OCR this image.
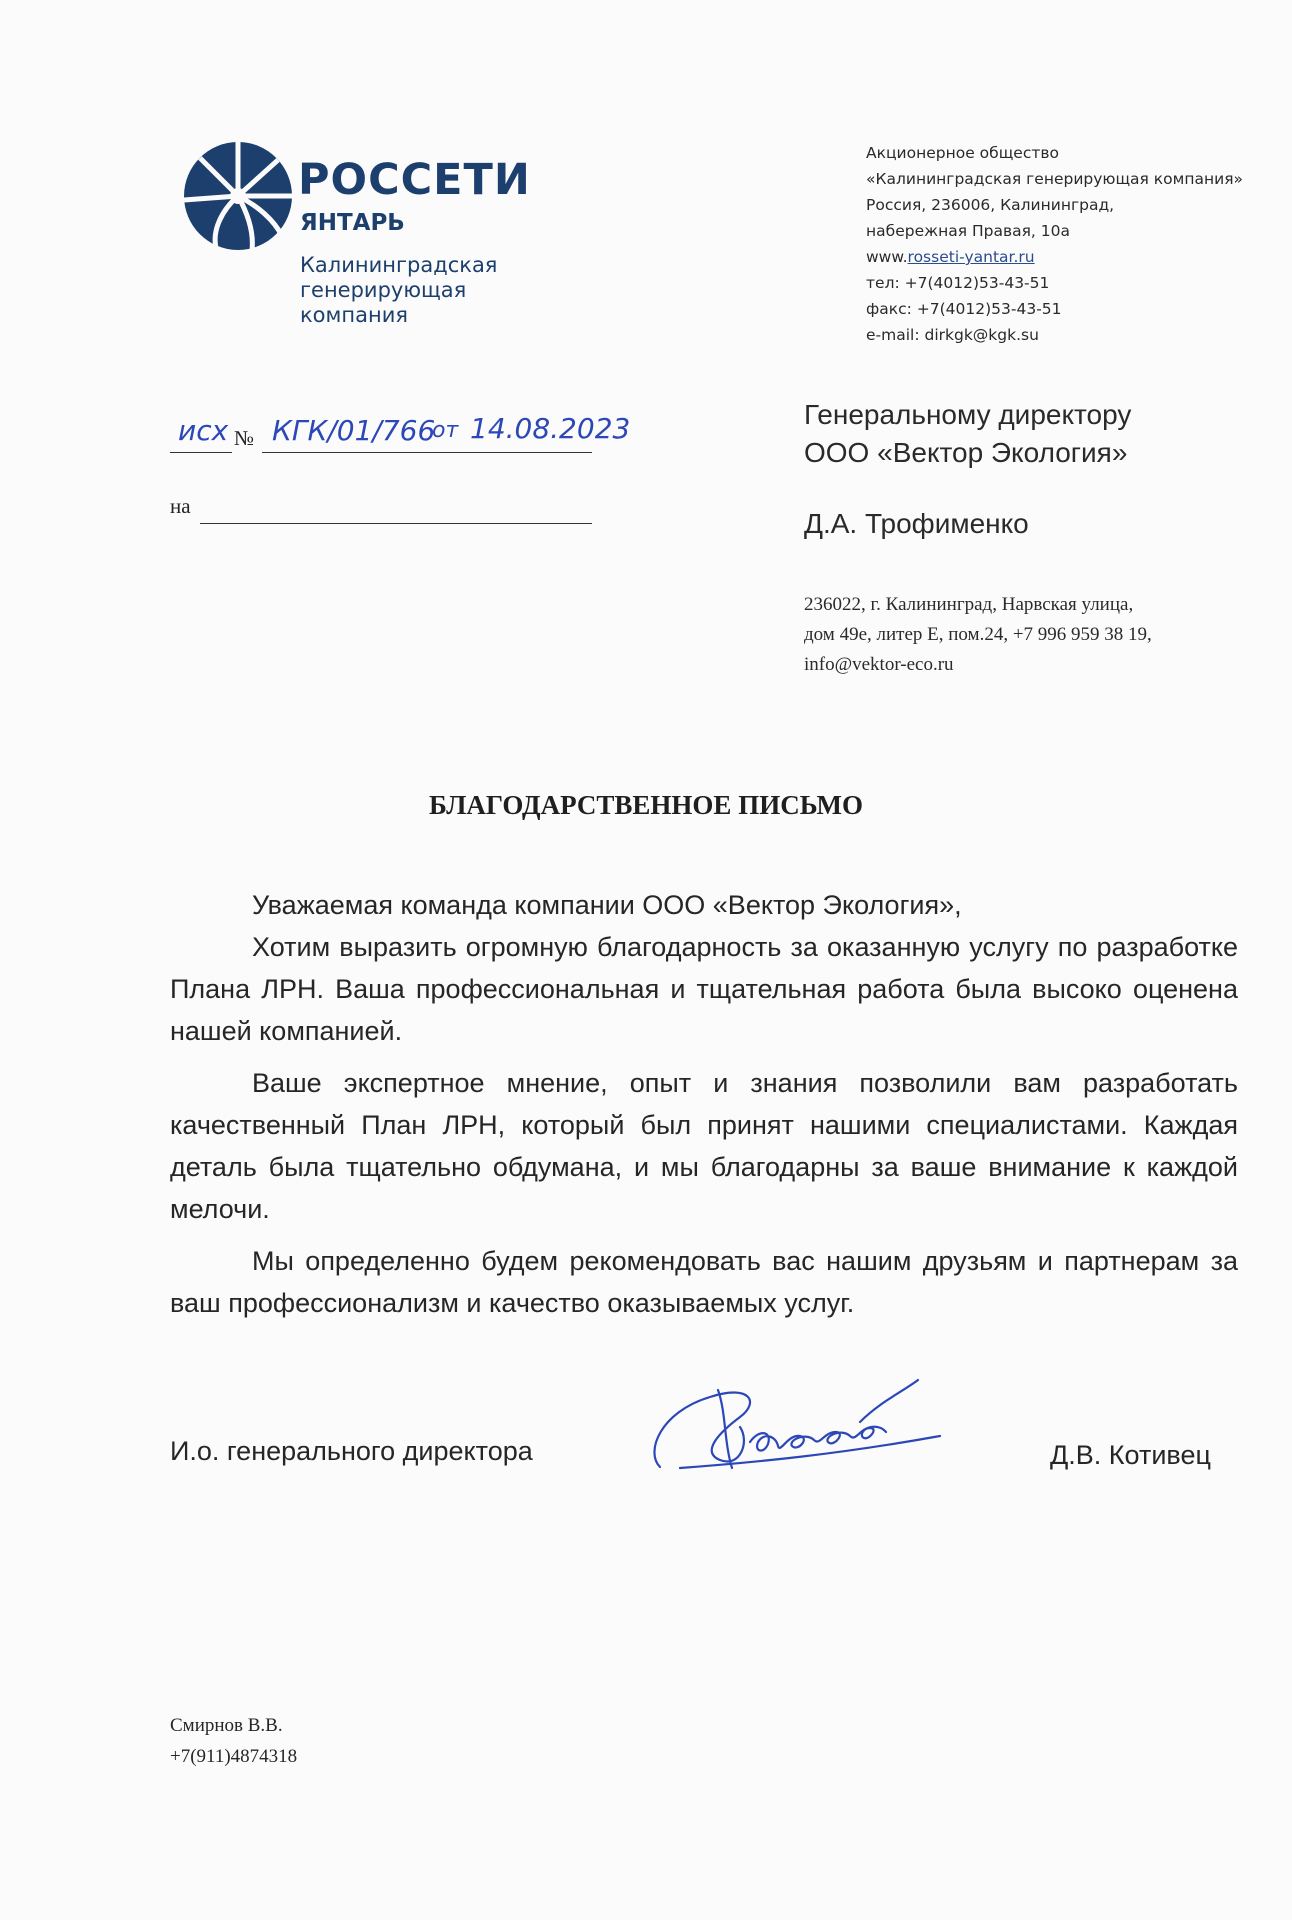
РОССЕТИ
ЯНТАРЬ
Калининградская
генерирующая
компания
Акционерное общество
«Калининградская генерирующая компания»
Россия, 236006, Калининград,
набережная Правая, 10а
www.rosseti-yantar.ru
тел: +7(4012)53-43-51
факс: +7(4012)53-43-51
e-mail: dirkgk@kgk.su
исх № КГК/01/766
от 14.08.2023
на
Генеральному директору
ООО «Вектор Экология»
Д.А. Трофименко
236022, г. Калининград, Нарвская улица,
дом 49е, литер Е, пом.24, +7 996 959 38 19,
info@vektor-eco.ru
БЛАГОДАРСТВЕННОЕ ПИСЬМО

Уважаемая команда компании ООО «Вектор Экология»,

Хотим выразить огромную благодарность за оказанную услугу по разработке Плана ЛРН. Ваша профессиональная и тщательная работа была высоко оценена нашей компанией.

Ваше экспертное мнение, опыт и знания позволили вам разработать качественный План ЛРН, который был принят нашими специалистами. Каждая деталь была тщательно обдумана, и мы благодарны за ваше внимание к каждой мелочи.

Мы определенно будем рекомендовать вас нашим друзьям и партнерам за ваш профессионализм и качество оказываемых услуг.

И.о. генерального директора	Д.В. Котивец
Смирнов В.В.
+7(911)4874318
